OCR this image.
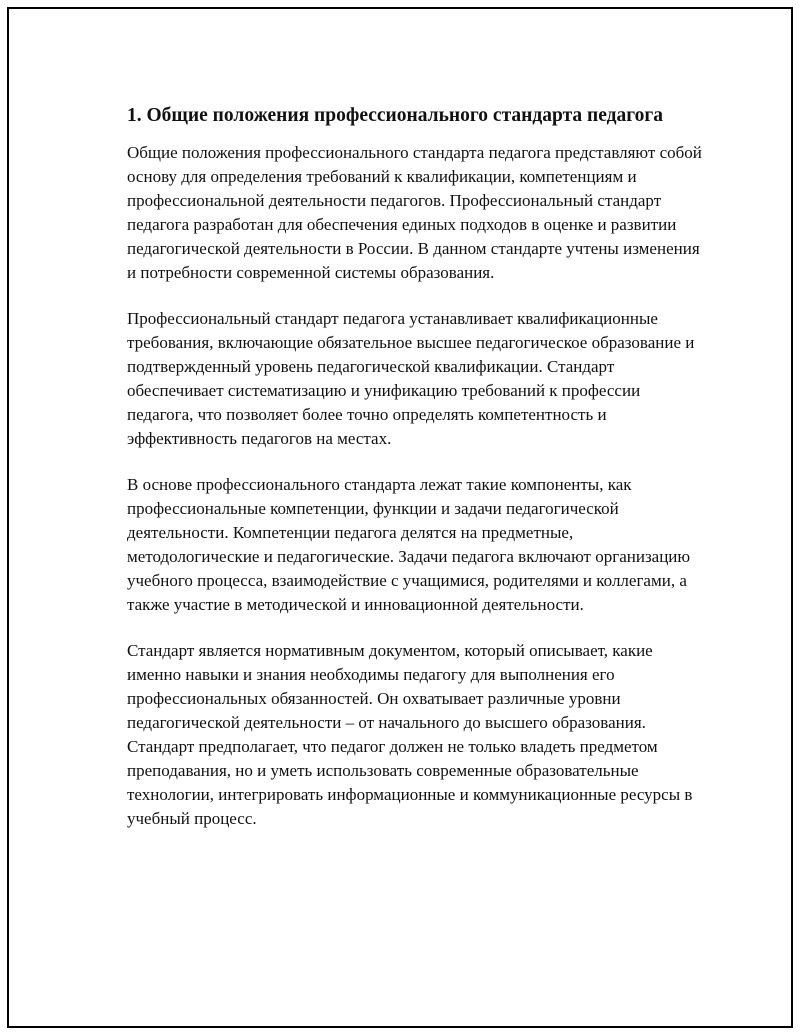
1. Общие положения профессионального стандарта педагога

Общие положения профессионального стандарта педагога представляют собой основу для определения требований к квалификации, компетенциям и профессиональной деятельности педагогов. Профессиональный стандарт педагога разработан для обеспечения единых подходов в оценке и развитии педагогической деятельности в России. В данном стандарте учтены изменения и потребности современной системы образования.

Профессиональный стандарт педагога устанавливает квалификационные требования, включающие обязательное высшее педагогическое образование и подтвержденный уровень педагогической квалификации. Стандарт обеспечивает систематизацию и унификацию требований к профессии педагога, что позволяет более точно определять компетентность и эффективность педагогов на местах.

В основе профессионального стандарта лежат такие компоненты, как профессиональные компетенции, функции и задачи педагогической деятельности. Компетенции педагога делятся на предметные, методологические и педагогические. Задачи педагога включают организацию учебного процесса, взаимодействие с учащимися, родителями и коллегами, а также участие в методической и инновационной деятельности.

Стандарт является нормативным документом, который описывает, какие именно навыки и знания необходимы педагогу для выполнения его профессиональных обязанностей. Он охватывает различные уровни педагогической деятельности – от начального до высшего образования. Стандарт предполагает, что педагог должен не только владеть предметом преподавания, но и уметь использовать современные образовательные технологии, интегрировать информационные и коммуникационные ресурсы в учебный процесс.
